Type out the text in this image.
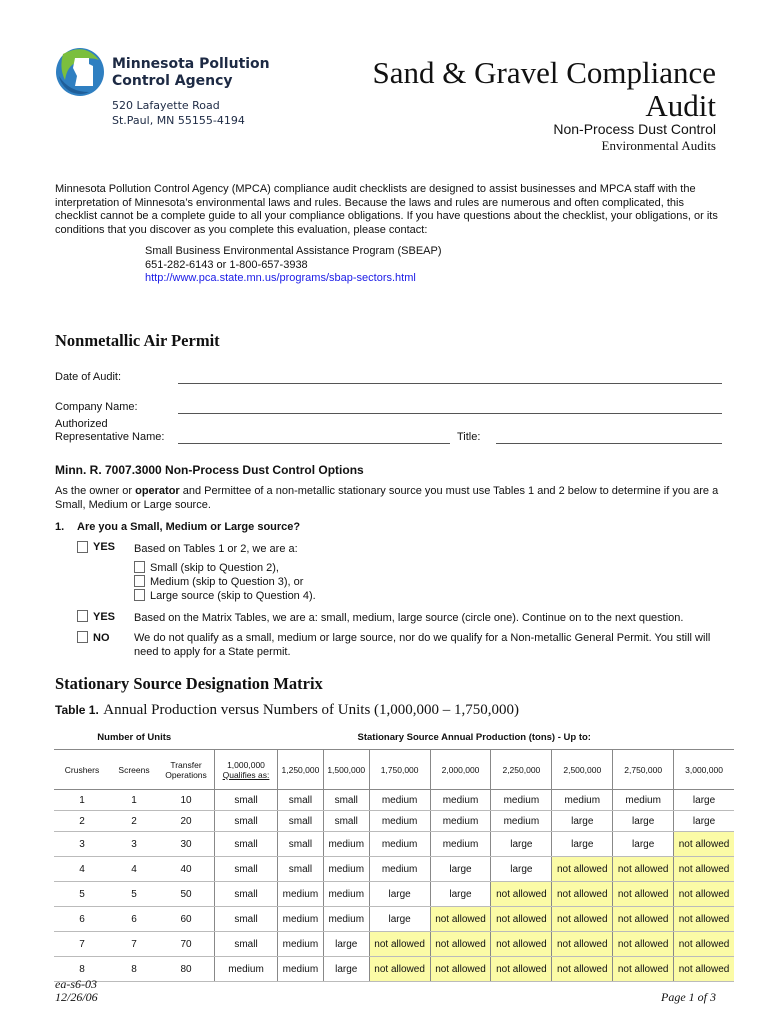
Minnesota Pollution
Control Agency
520 Lafayette Road
St.Paul, MN 55155-4194
Sand & Gravel Compliance
Audit
Non-Process Dust Control
Environmental Audits
Minnesota Pollution Control Agency (MPCA) compliance audit checklists are designed to assist businesses and MPCA staff with the interpretation of Minnesota’s environmental laws and rules. Because the laws and rules are numerous and often complicated, this checklist cannot be a complete guide to all your compliance obligations. If you have questions about the checklist, your obligations, or its conditions that you discover as you complete this evaluation, please contact:
Small Business Environmental Assistance Program (SBEAP)
651-282-6143 or 1-800-657-3938
http://www.pca.state.mn.us/programs/sbap-sectors.html
Nonmetallic Air Permit
Date of Audit:
Company Name:
Authorized
Representative Name:	Title:
Minn. R. 7007.3000 Non-Process Dust Control Options
As the owner or operator and Permittee of a non-metallic stationary source you must use Tables 1 and 2 below to determine if you are a Small, Medium or Large source.
1. Are you a Small, Medium or Large source?
YES Based on Tables 1 or 2, we are a:
Small (skip to Question 2),
Medium (skip to Question 3), or
Large source (skip to Question 4).
YES Based on the Matrix Tables, we are a: small, medium, large source (circle one). Continue on to the next question.
NO We do not qualify as a small, medium or large source, nor do we qualify for a Non-metallic General Permit. You still will need to apply for a State permit.
Stationary Source Designation Matrix
Table 1. Annual Production versus Numbers of Units (1,000,000 – 1,750,000)
Number of Units			Stationary Source Annual Production (tons) - Up to:								
Crushers	Screens	Transfer Operations	1,000,000
Qualifies as:	1,250,000	1,500,000	1,750,000	2,000,000	2,250,000	2,500,000	2,750,000	3,000,000
1	1	10	small	small	small	medium	medium	medium	medium	medium	large
2	2	20	small	small	small	medium	medium	medium	large	large	large
3	3	30	small	small	medium	medium	medium	large	large	large	not allowed
4	4	40	small	small	medium	medium	large	large	not allowed	not allowed	not allowed
5	5	50	small	medium	medium	large	large	not allowed	not allowed	not allowed	not allowed
6	6	60	small	medium	medium	large	not allowed	not allowed	not allowed	not allowed	not allowed
7	7	70	small	medium	large	not allowed	not allowed	not allowed	not allowed	not allowed	not allowed
8	8	80	medium	medium	large	not allowed	not allowed	not allowed	not allowed	not allowed	not allowed
ea-s6-03
12/26/06	Page 1 of 3
